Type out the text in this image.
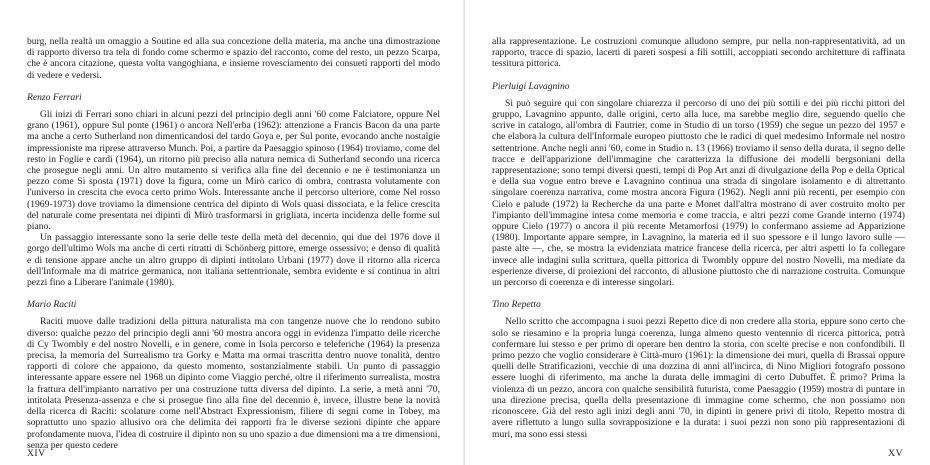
burg, nella realtà un omaggio a Soutine ed alla sua concezione della materia, ma anche una dimostrazione di rapporto diverso tra tela di fondo come schermo e spazio del racconto, come del resto, un pezzo Scarpa, che è ancora citazione, questa volta vangoghiana, e insieme rovesciamento dei consueti rapporti del modo di vedere e vedersi.

Renzo Ferrari

Gli inizi di Ferrari sono chiari in alcuni pezzi del principio degli anni '60 come Falciatore, oppure Nel grano (1961), oppure Sul ponte (1961) o ancora Nell'erba (1962): attenzione a Francis Bacon da una parte ma anche a certo Sutherland non dimenticandosi del tardo Goya e, per Sul ponte, evocando anche nostalgie impressioniste ma riprese attraverso Munch. Poi, a partire da Paesaggio spinoso (1964) troviamo, come del resto in Foglie e cardi (1964), un ritorno più preciso alla natura nemica di Sutherland secondo una ricerca che prosegue negli anni. Un altro mutamento si verifica alla fine del decennio e ne è testimonianza un pezzo come Si sposta (1971) dove la figura, come un Mirò carico di ombra, contrasta volutamente con l'universo in crescita che evoca certo primo Wols. Interessante anche il percorso ulteriore, come Nel rosso (1969-1973) dove troviamo la dimensione centrica del dipinto di Wols quasi dissociata, e la felice crescita del naturale come presentata nei dipinti di Mirò trasformarsi in grigliata, incerta incidenza delle forme sul piano.

Un passaggio interessante sono la serie delle teste della metà del decennio, qui due del 1976 dove il gorgo dell'ultimo Wols ma anche di certi ritratti di Schönberg pittore, emerge ossessivo; e denso di qualità e di tensione appare anche un altro gruppo di dipinti intitolato Urbani (1977) dove il ritorno alla ricerca dell'Informale ma di matrice germanica, non italiana settentrionale, sembra evidente e si continua in altri pezzi fino a Liberare l'animale (1980).

Mario Raciti

Raciti muove dalle tradizioni della pittura naturalista ma con tangenze nuove che lo rendono subito diverso: qualche pezzo del principio degli anni '60 mostra ancora oggi in evidenza l'impatto delle ricerche di Cy Twombly e del nostro Novelli, e in genere, come in Isola percorso e teleferiche (1964) la presenza precisa, la memoria del Surrealismo tra Gorky e Matta ma ormai trascritta dentro nuove tonalità, dentro rapporti di colore che appaiono, da questo momento, sostanzialmente stabili. Un punto di passaggio interessante appare essere nel 1968 un dipinto come Viaggio perché, oltre il riferimento surrealista, mostra la frattura dell'impianto narrativo per una costruzione tutta diversa del dipinto. La serie, a metà anni '70, intitolata Presenza-assenza e che si prosegue fino alla fine del decennio è, invece, illustre bene la novità della ricerca di Raciti: scolature come nell'Abstract Expressionism, filiere di segni come in Tobey, ma soprattutto uno spazio allusivo ora che delimita dei rapporti fra le diverse sezioni dipinte che appare profondamente nuova, l'idea di costruire il dipinto non su uno spazio a due dimensioni ma a tre dimensioni, senza per questo cedere

XIV

alla rappresentazione. Le costruzioni comunque alludono sempre, pur nella non-rappresentatività, ad un rapporto, tracce di spazio, lacerti di pareti sospesi a fili sottili, accoppiati secondo architetture di raffinata tessitura pittorica.

Pierluigi Lavagnino

Si può seguire qui con singolare chiarezza il percorso di uno dei più sottili e dei più ricchi pittori del gruppo, Lavagnino appunto, dalle origini, certo alla luce, ma sarebbe meglio dire, seguendo quello che scrive in catalogo, all'ombra di Fautrier, come in Studio di un torso (1959) che segue un pezzo del 1957 e che elabora la cultura dell'Informale europeo piuttosto che le radici di quel medesimo Informale nel nostro settentrione. Anche negli anni '60, come in Studio n. 13 (1966) troviamo il senso della durata, il segno delle tracce e dell'apparizione dell'immagine che caratterizza la diffusione dei modelli bergsoniani della rappresentazione; sono tempi diversi questi, tempi di Pop Art anzi di divulgazione della Pop e della Optical e della sua vogue entro breve e Lavagnino continua una strada di singolare isolamento e di altrettanto singolare coerenza narrativa, come mostra ancora Figura (1962). Negli anni più recenti, per esempio con Cielo e palude (1972) la Recherche da una parte e Monet dall'altra mostrano di aver costruito molto per l'impianto dell'immagine intesa come memoria e come traccia, e altri pezzi come Grande interno (1974) oppure Cielo (1977) o ancora il più recente Metamorfosi (1979) lo confermano assieme ad Apparizione (1980). Importante appare sempre, in Lavagnino, la materia ed il suo spessore e il lungo lavoro sulle — paste alte —, che, se mostra la evidenziata matrice francese della ricerca, per altri aspetti lo fa collegare invece alle indagini sulla scrittura, quella pittorica di Twombly oppure del nostro Novelli, ma mediate da esperienze diverse, di proiezioni del racconto, di allusione piuttosto che di narrazione costruita. Comunque un percorso di coerenza e di interesse singolari.

Tino Repetto

Nello scritto che accompagna i suoi pezzi Repetto dice di non credere alla storia, eppure sono certo che solo se riesamino e la propria lunga coerenza, lunga almeno questo ventennio di ricerca pittorica, potrà confermare lui stesso e per primo di operare ben dentro la storia, con scelte precise e non confondibili. Il primo pezzo che voglio considerare è Città-muro (1961): la dimensione dei muri, quella di Brassaï oppure quelli delle Stratificazioni, vecchie di una dozzina di anni all'incirca, di Nino Migliori fotografo possono essere luoghi di riferimento, ma anche la durata delle immagini di certo Dubuffet. È primo? Prima la violenza di un pezzo, ancora con qualche sensibilità futurista, come Paesaggio (1959) mostra di puntare in una direzione precisa, quella della presentazione di immagine come schermo, che non possiamo non riconoscere. Già del resto agli inizi degli anni '70, in dipinti in genere privi di titolo, Repetto mostra di avere riflettuto a lungo sulla sovrapposizione e la durata: i suoi pezzi non sono più rappresentazioni di muri, ma sono essi stessi

XV
